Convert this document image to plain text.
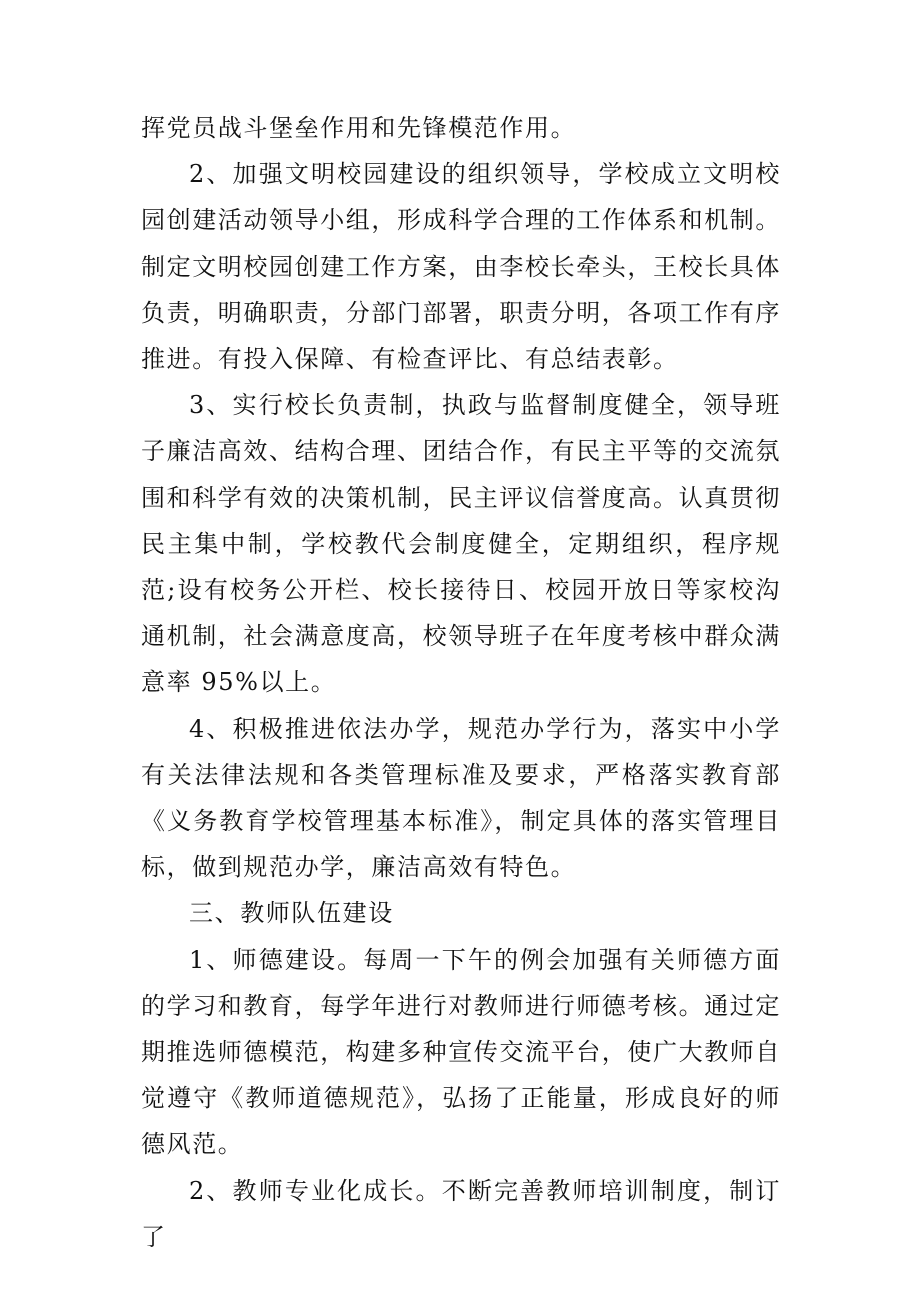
挥党员战斗堡垒作用和先锋模范作用。

2、加强文明校园建设的组织领导，学校成立文明校园创建活动领导小组，形成科学合理的工作体系和机制。制定文明校园创建工作方案，由李校长牵头，王校长具体负责，明确职责，分部门部署，职责分明，各项工作有序推进。有投入保障、有检查评比、有总结表彰。

3、实行校长负责制，执政与监督制度健全，领导班子廉洁高效、结构合理、团结合作，有民主平等的交流氛围和科学有效的决策机制，民主评议信誉度高。认真贯彻民主集中制，学校教代会制度健全，定期组织，程序规范;设有校务公开栏、校长接待日、校园开放日等家校沟通机制，社会满意度高，校领导班子在年度考核中群众满意率 95%以上。

4、积极推进依法办学，规范办学行为，落实中小学有关法律法规和各类管理标准及要求，严格落实教育部《义务教育学校管理基本标准》，制定具体的落实管理目标，做到规范办学，廉洁高效有特色。

三、教师队伍建设

1、师德建设。每周一下午的例会加强有关师德方面的学习和教育，每学年进行对教师进行师德考核。通过定期推选师德模范，构建多种宣传交流平台，使广大教师自觉遵守《教师道德规范》，弘扬了正能量，形成良好的师德风范。

2、教师专业化成长。不断完善教师培训制度，制订了
